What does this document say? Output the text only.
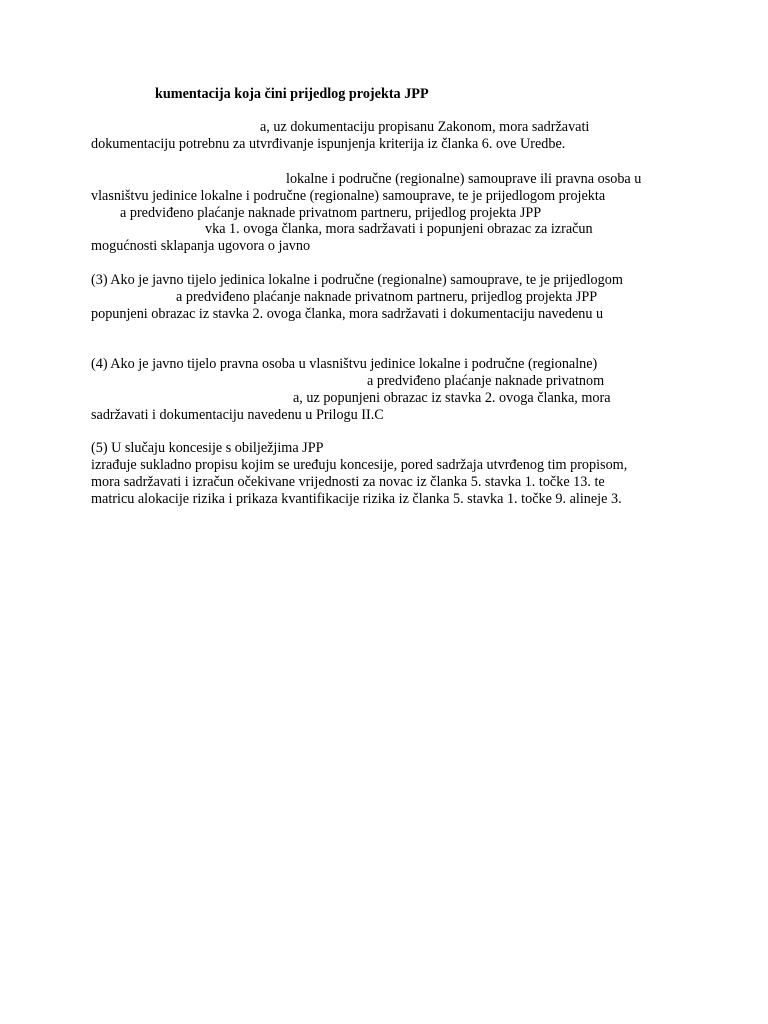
kumentacija koja čini prijedlog projekta JPP
a, uz dokumentaciju propisanu Zakonom, mora sadržavati
dokumentaciju potrebnu za utvrđivanje ispunjenja kriterija iz članka 6. ove Uredbe.
lokalne i područne (regionalne) samouprave ili pravna osoba u
vlasništvu jedinice lokalne i područne (regionalne) samouprave, te je prijedlogom projekta
a predviđeno plaćanje naknade privatnom partneru, prijedlog projekta JPP
vka 1. ovoga članka, mora sadržavati i popunjeni obrazac za izračun
mogućnosti sklapanja ugovora o javno
(3) Ako je javno tijelo jedinica lokalne i područne (regionalne) samouprave, te je prijedlogom
a predviđeno plaćanje naknade privatnom partneru, prijedlog projekta JPP
popunjeni obrazac iz stavka 2. ovoga članka, mora sadržavati i dokumentaciju navedenu u
(4) Ako je javno tijelo pravna osoba u vlasništvu jedinice lokalne i područne (regionalne)
a predviđeno plaćanje naknade privatnom
a, uz popunjeni obrazac iz stavka 2. ovoga članka, mora
sadržavati i dokumentaciju navedenu u Prilogu II.C
(5) U slučaju koncesije s obilježjima JPP
izrađuje sukladno propisu kojim se uređuju koncesije, pored sadržaja utvrđenog tim propisom,
mora sadržavati i izračun očekivane vrijednosti za novac iz članka 5. stavka 1. točke 13. te
matricu alokacije rizika i prikaza kvantifikacije rizika iz članka 5. stavka 1. točke 9. alineje 3.
